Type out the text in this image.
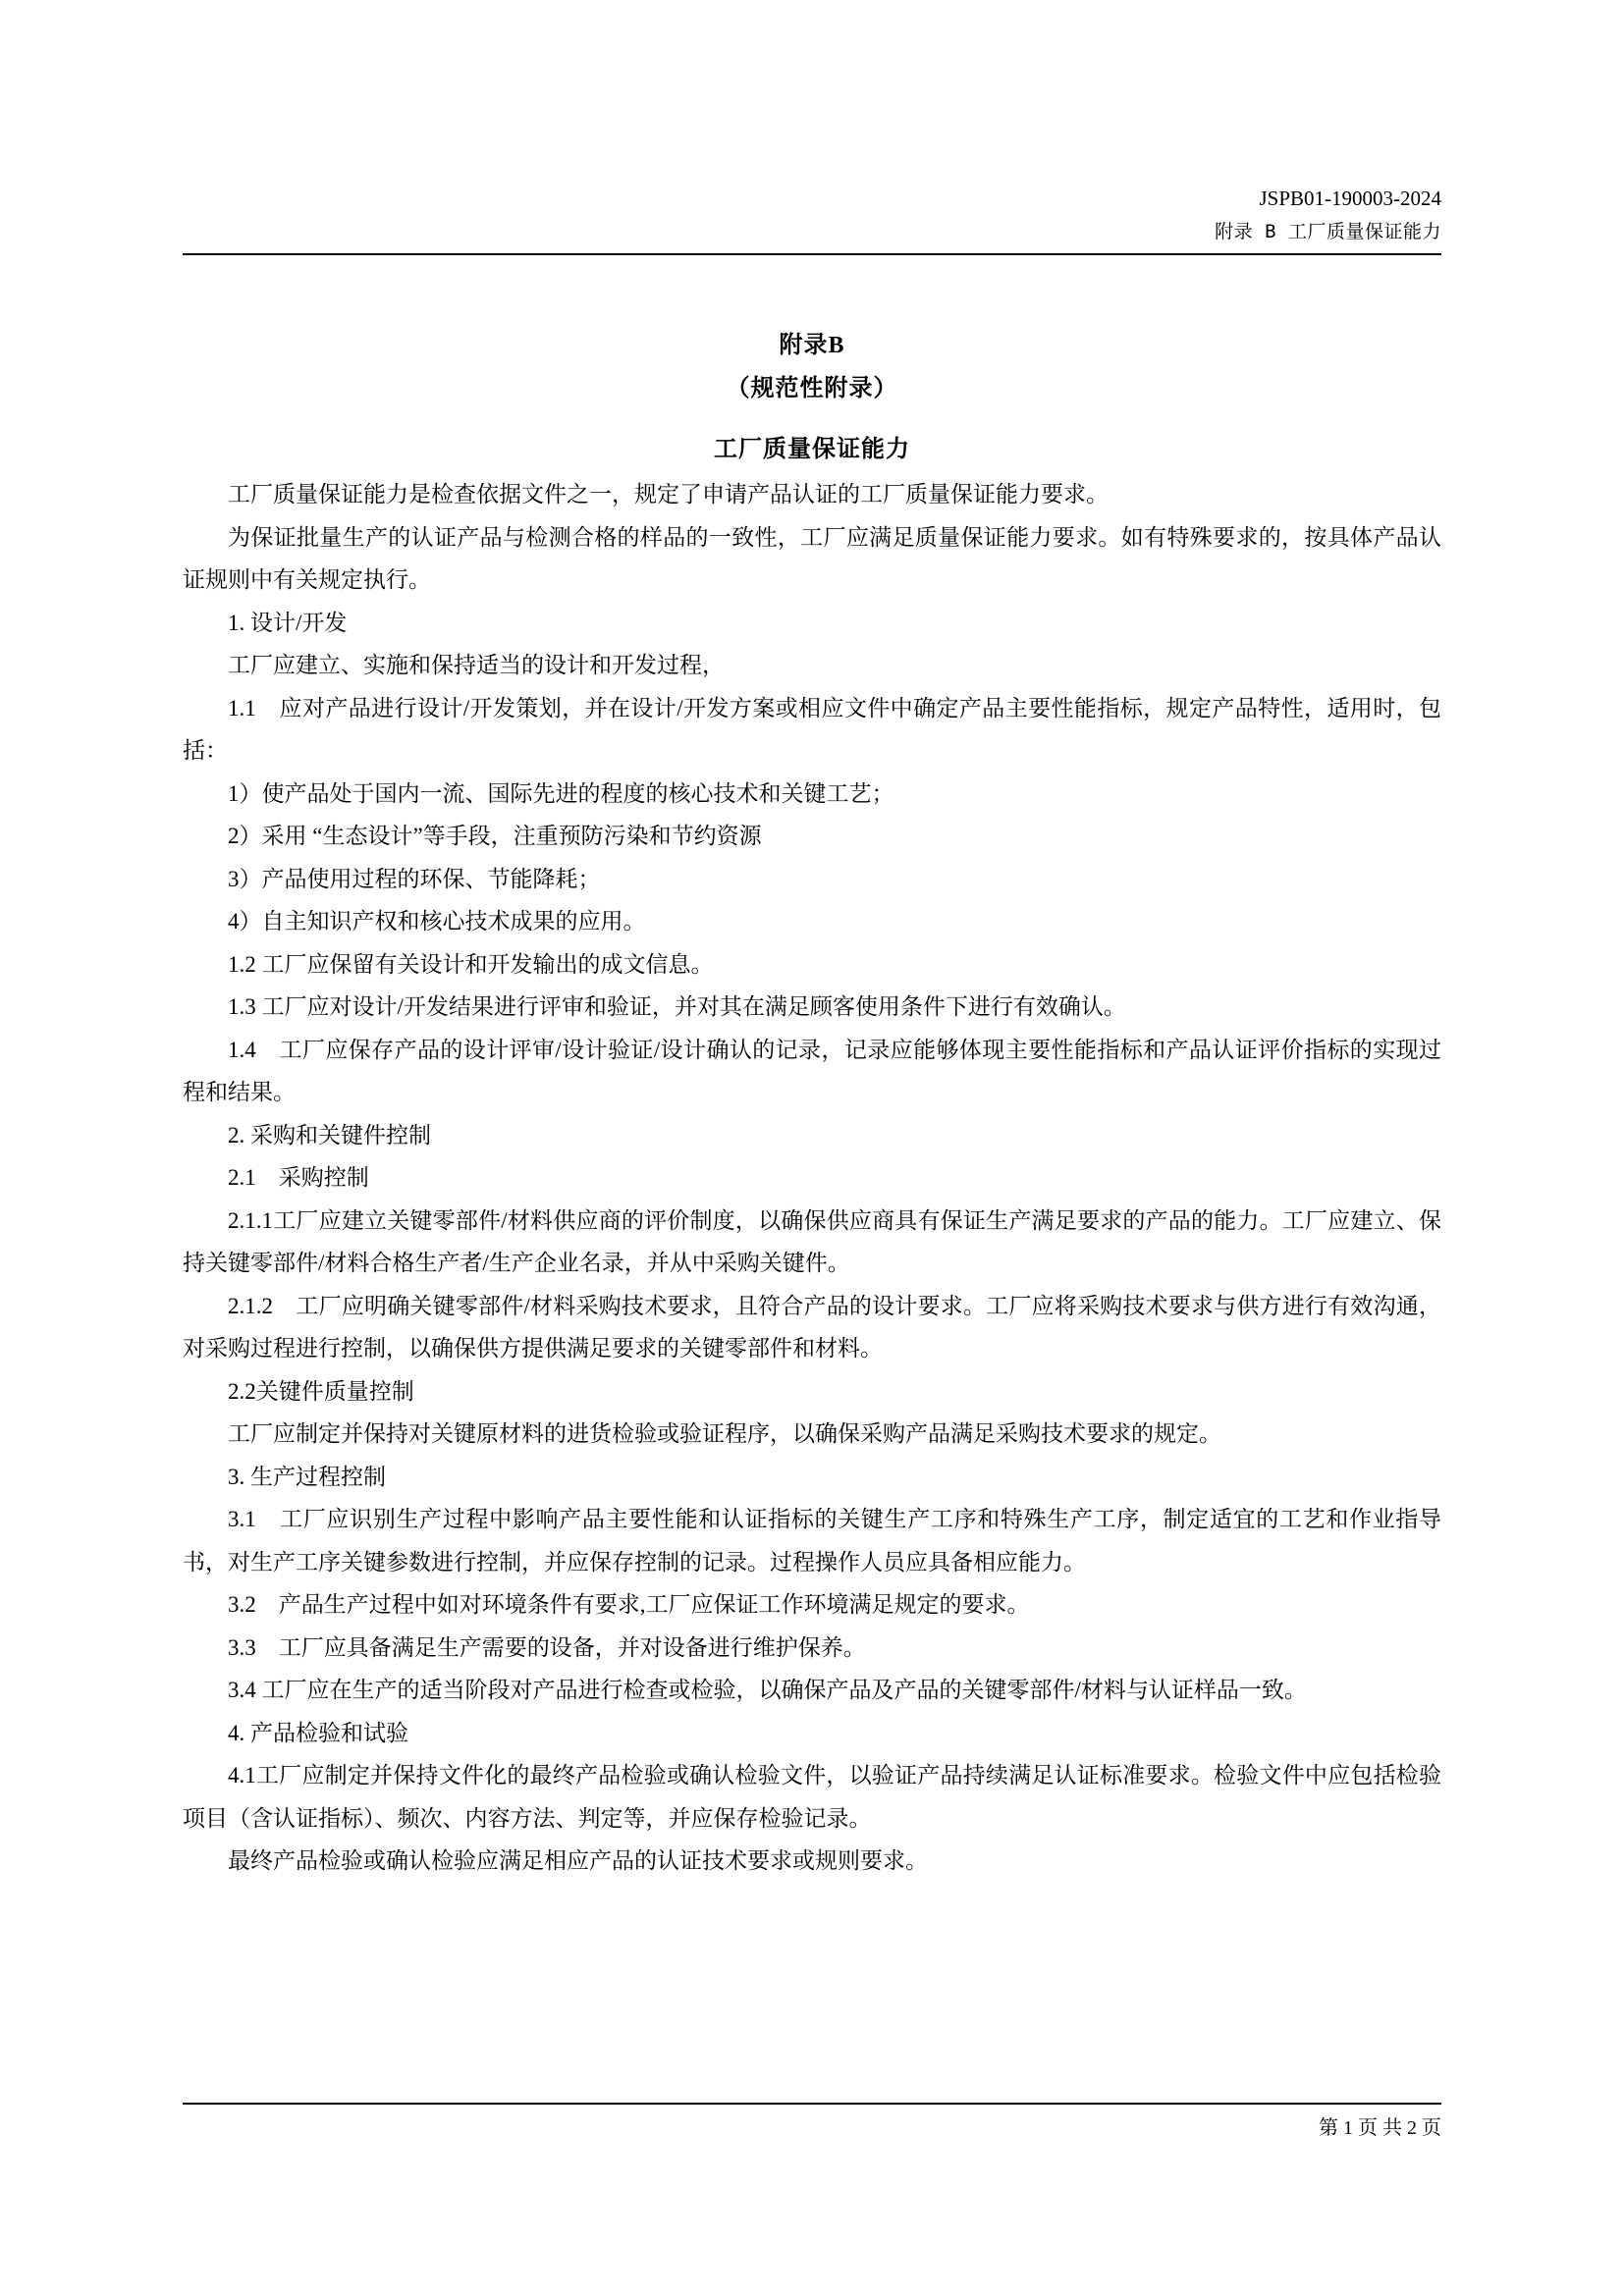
JSPB01-190003-2024
附录 B 工厂质量保证能力
附录B
（规范性附录）
工厂质量保证能力

工厂质量保证能力是检查依据文件之一，规定了申请产品认证的工厂质量保证能力要求。

为保证批量生产的认证产品与检测合格的样品的一致性，工厂应满足质量保证能力要求。如有特殊要求的，按具体产品认证规则中有关规定执行。

1. 设计/开发

工厂应建立、实施和保持适当的设计和开发过程，

1.1　应对产品进行设计/开发策划，并在设计/开发方案或相应文件中确定产品主要性能指标，规定产品特性，适用时，包括：

1）使产品处于国内一流、国际先进的程度的核心技术和关键工艺；

2）采用 “生态设计”等手段，注重预防污染和节约资源

3）产品使用过程的环保、节能降耗；

4）自主知识产权和核心技术成果的应用。

1.2 工厂应保留有关设计和开发输出的成文信息。

1.3 工厂应对设计/开发结果进行评审和验证，并对其在满足顾客使用条件下进行有效确认。

1.4　工厂应保存产品的设计评审/设计验证/设计确认的记录，记录应能够体现主要性能指标和产品认证评价指标的实现过程和结果。

2. 采购和关键件控制

2.1　采购控制

2.1.1工厂应建立关键零部件/材料供应商的评价制度，以确保供应商具有保证生产满足要求的产品的能力。工厂应建立、保持关键零部件/材料合格生产者/生产企业名录，并从中采购关键件。

2.1.2　工厂应明确关键零部件/材料采购技术要求，且符合产品的设计要求。工厂应将采购技术要求与供方进行有效沟通，对采购过程进行控制，以确保供方提供满足要求的关键零部件和材料。

2.2关键件质量控制

工厂应制定并保持对关键原材料的进货检验或验证程序，以确保采购产品满足采购技术要求的规定。

3. 生产过程控制

3.1　工厂应识别生产过程中影响产品主要性能和认证指标的关键生产工序和特殊生产工序，制定适宜的工艺和作业指导书，对生产工序关键参数进行控制，并应保存控制的记录。过程操作人员应具备相应能力。

3.2　产品生产过程中如对环境条件有要求,工厂应保证工作环境满足规定的要求。

3.3　工厂应具备满足生产需要的设备，并对设备进行维护保养。

3.4 工厂应在生产的适当阶段对产品进行检查或检验，以确保产品及产品的关键零部件/材料与认证样品一致。

4. 产品检验和试验

4.1工厂应制定并保持文件化的最终产品检验或确认检验文件，以验证产品持续满足认证标准要求。检验文件中应包括检验项目（含认证指标）、频次、内容方法、判定等，并应保存检验记录。

最终产品检验或确认检验应满足相应产品的认证技术要求或规则要求。

第 1 页 共 2 页
